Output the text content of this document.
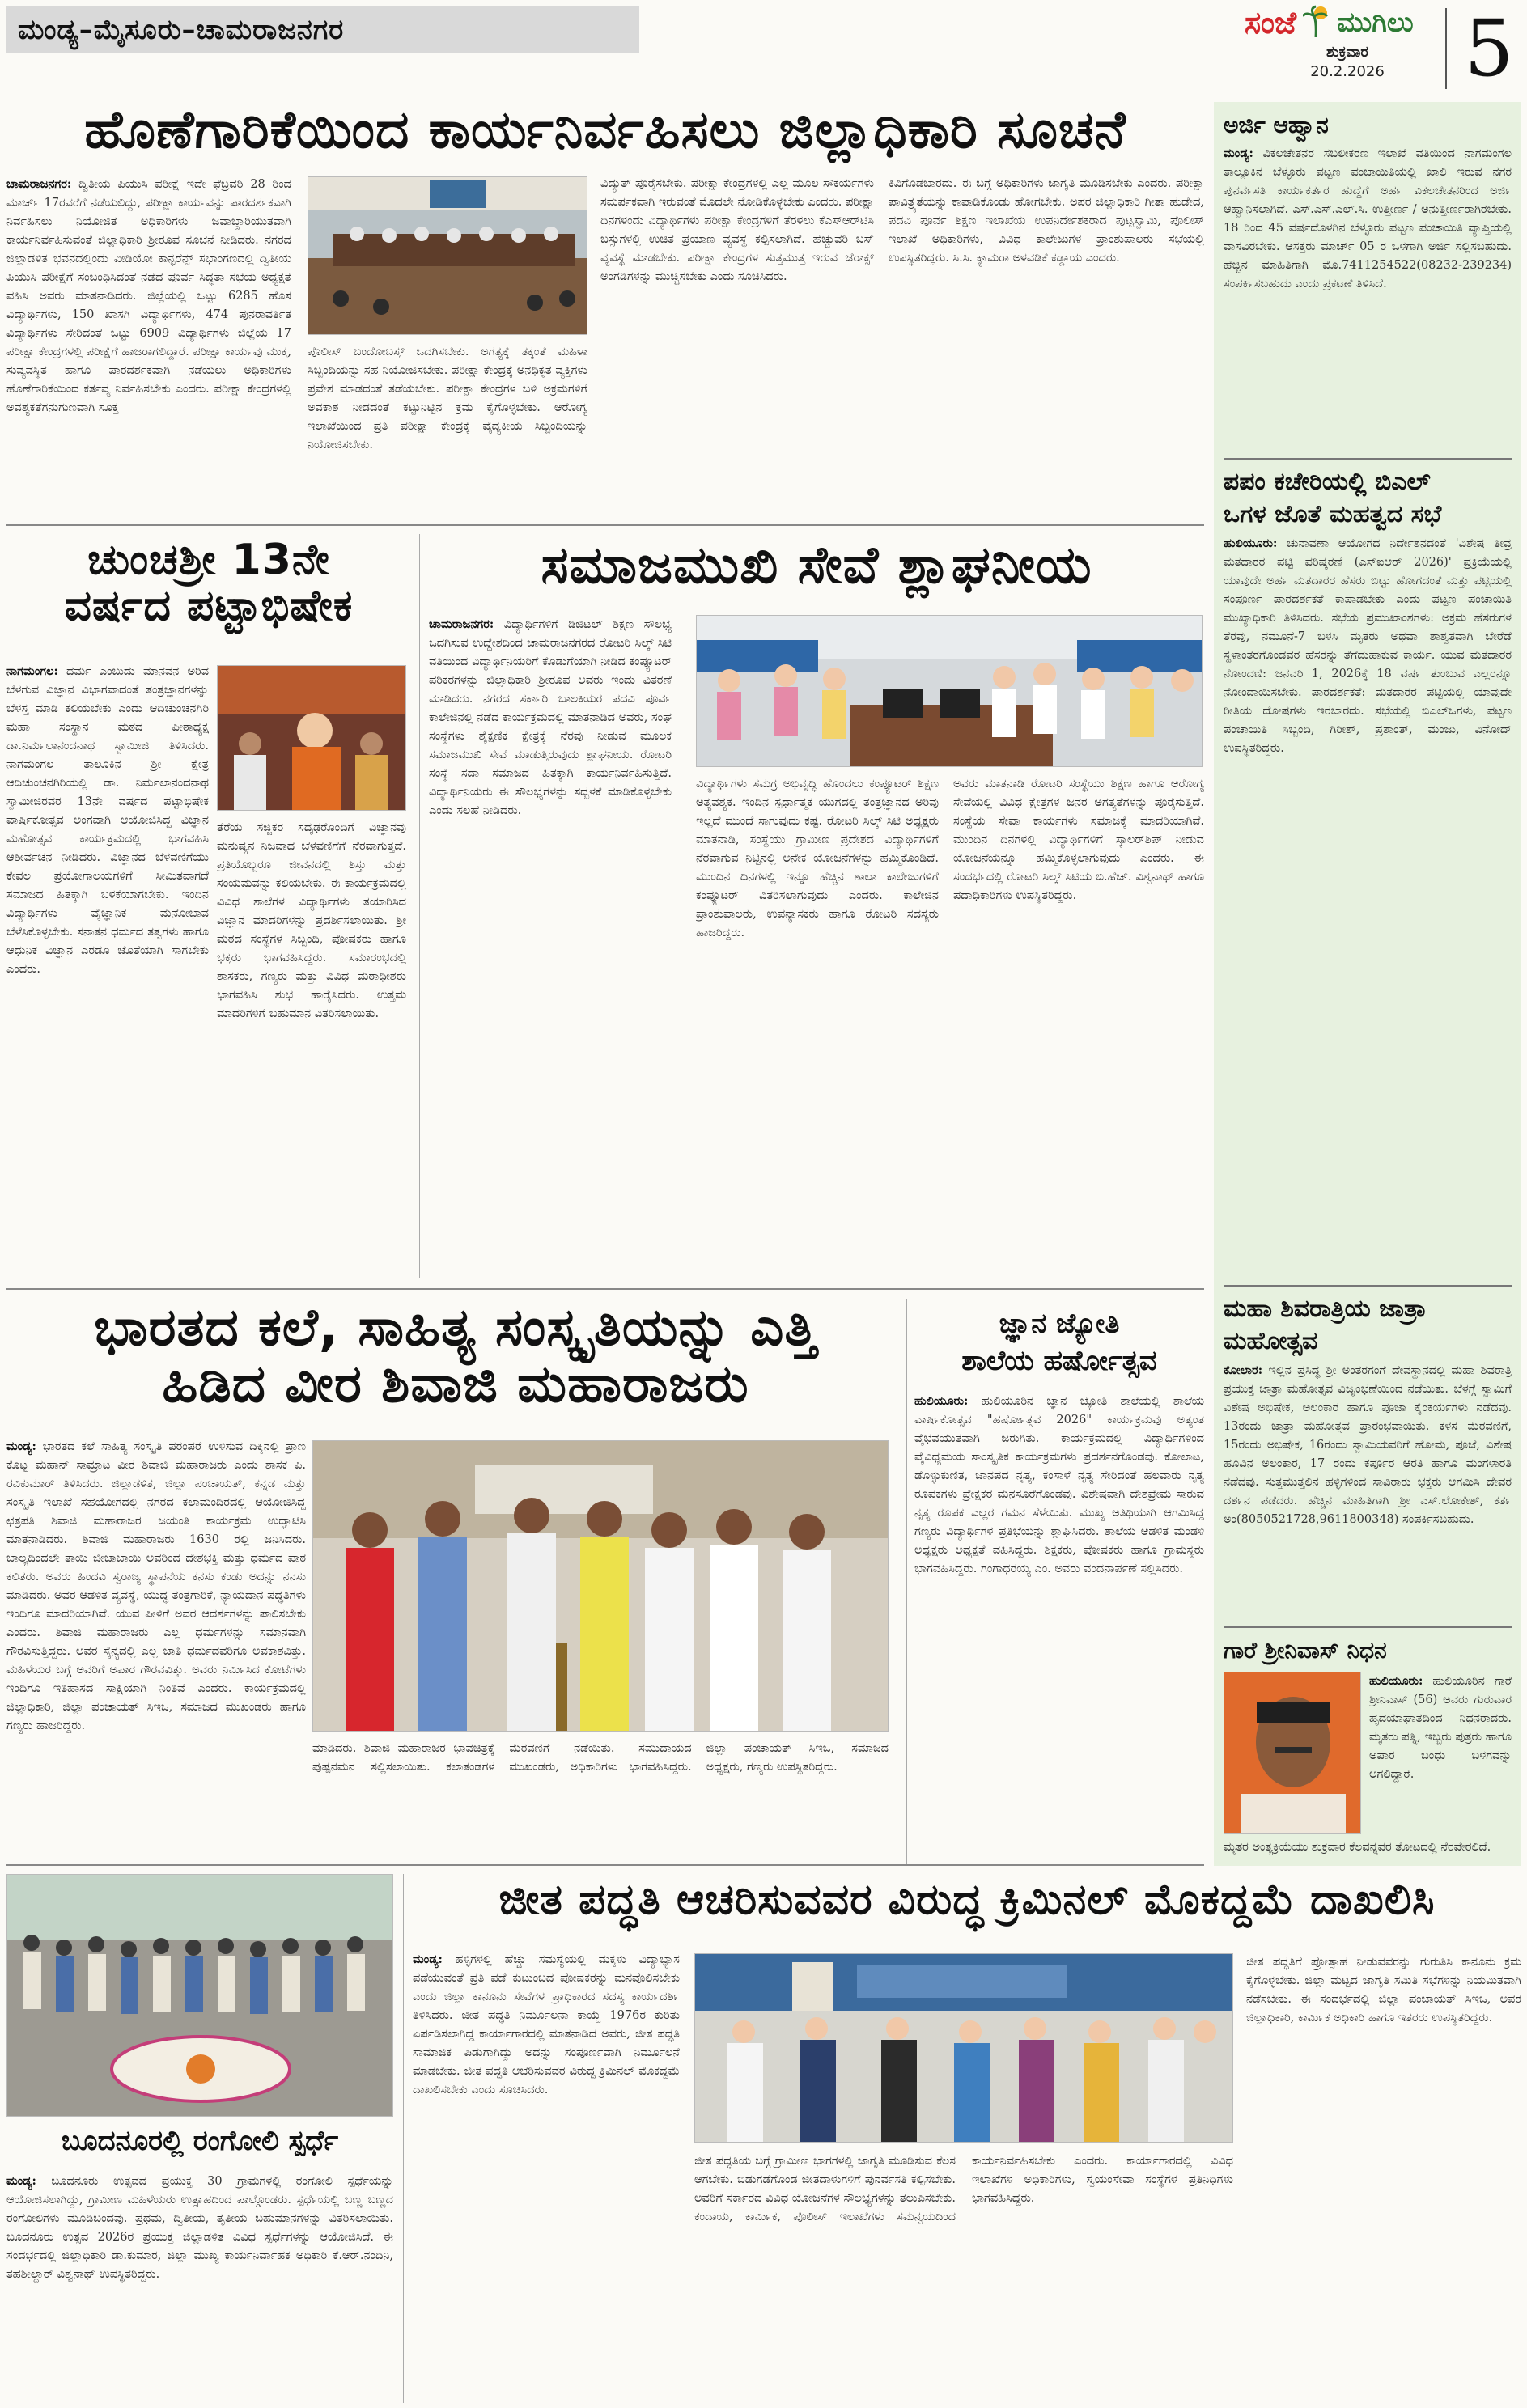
ಮಂಡ್ಯ–ಮೈಸೂರು–ಚಾಮರಾಜನಗರ	ಸಂಜೆ ಮುಗಿಲು
ಶುಕ್ರವಾರ
20.2.2026 5
ಹೊಣೆಗಾರಿಕೆಯಿಂದ ಕಾರ್ಯನಿರ್ವಹಿಸಲು ಜಿಲ್ಲಾಧಿಕಾರಿ ಸೂಚನೆ
ಚಾಮರಾಜನಗರ: ದ್ವಿತೀಯ ಪಿಯುಸಿ ಪರೀಕ್ಷೆ ಇದೇ ಫೆಬ್ರವರಿ 28 ರಿಂದ ಮಾರ್ಚ್ 17ರವರೆಗೆ ನಡೆಯಲಿದ್ದು, ಪರೀಕ್ಷಾ ಕಾರ್ಯವನ್ನು ಪಾರದರ್ಶಕವಾಗಿ ನಿರ್ವಹಿಸಲು ನಿಯೋಜಿತ ಅಧಿಕಾರಿಗಳು ಜವಾಬ್ದಾರಿಯುತವಾಗಿ ಕಾರ್ಯನಿರ್ವಹಿಸುವಂತೆ ಜಿಲ್ಲಾಧಿಕಾರಿ ಶ್ರೀರೂಪ ಸೂಚನೆ ನೀಡಿದರು. ನಗರದ ಜಿಲ್ಲಾಡಳಿತ ಭವನದಲ್ಲಿಂದು ವೀಡಿಯೋ ಕಾನ್ಫರೆನ್ಸ್ ಸಭಾಂಗಣದಲ್ಲಿ ದ್ವಿತೀಯ ಪಿಯುಸಿ ಪರೀಕ್ಷೆಗೆ ಸಂಬಂಧಿಸಿದಂತೆ ನಡೆದ ಪೂರ್ವ ಸಿದ್ಧತಾ ಸಭೆಯ ಅಧ್ಯಕ್ಷತೆ ವಹಿಸಿ ಅವರು ಮಾತನಾಡಿದರು. ಜಿಲ್ಲೆಯಲ್ಲಿ ಒಟ್ಟು 6285 ಹೊಸ ವಿದ್ಯಾರ್ಥಿಗಳು, 150 ಖಾಸಗಿ ವಿದ್ಯಾರ್ಥಿಗಳು, 474 ಪುನರಾವರ್ತಿತ ವಿದ್ಯಾರ್ಥಿಗಳು ಸೇರಿದಂತೆ ಒಟ್ಟು 6909 ವಿದ್ಯಾರ್ಥಿಗಳು ಜಿಲ್ಲೆಯ 17 ಪರೀಕ್ಷಾ ಕೇಂದ್ರಗಳಲ್ಲಿ ಪರೀಕ್ಷೆಗೆ ಹಾಜರಾಗಲಿದ್ದಾರೆ. ಪರೀಕ್ಷಾ ಕಾರ್ಯವು ಮುಕ್ತ, ಸುವ್ಯವಸ್ಥಿತ ಹಾಗೂ ಪಾರದರ್ಶಕವಾಗಿ ನಡೆಯಲು ಅಧಿಕಾರಿಗಳು ಹೊಣೆಗಾರಿಕೆಯಿಂದ ಕರ್ತವ್ಯ ನಿರ್ವಹಿಸಬೇಕು ಎಂದರು. ಪರೀಕ್ಷಾ ಕೇಂದ್ರಗಳಲ್ಲಿ ಅವಶ್ಯಕತೆಗನುಗುಣವಾಗಿ ಸೂಕ್ತ
ಪೊಲೀಸ್ ಬಂದೋಬಸ್ತ್ ಒದಗಿಸಬೇಕು. ಅಗತ್ಯಕ್ಕೆ ತಕ್ಕಂತೆ ಮಹಿಳಾ ಸಿಬ್ಬಂದಿಯನ್ನು ಸಹ ನಿಯೋಜಿಸಬೇಕು. ಪರೀಕ್ಷಾ ಕೇಂದ್ರಕ್ಕೆ ಅನಧಿಕೃತ ವ್ಯಕ್ತಿಗಳು ಪ್ರವೇಶ ಮಾಡದಂತೆ ತಡೆಯಬೇಕು. ಪರೀಕ್ಷಾ ಕೇಂದ್ರಗಳ ಬಳಿ ಅಕ್ರಮಗಳಿಗೆ ಅವಕಾಶ ನೀಡದಂತೆ ಕಟ್ಟುನಿಟ್ಟಿನ ಕ್ರಮ ಕೈಗೊಳ್ಳಬೇಕು. ಆರೋಗ್ಯ ಇಲಾಖೆಯಿಂದ ಪ್ರತಿ ಪರೀಕ್ಷಾ ಕೇಂದ್ರಕ್ಕೆ ವೈದ್ಯಕೀಯ ಸಿಬ್ಬಂದಿಯನ್ನು ನಿಯೋಜಿಸಬೇಕು.
ವಿದ್ಯುತ್ ಪೂರೈಸಬೇಕು. ಪರೀಕ್ಷಾ ಕೇಂದ್ರಗಳಲ್ಲಿ ಎಲ್ಲ ಮೂಲ ಸೌಕರ್ಯಗಳು ಸಮರ್ಪಕವಾಗಿ ಇರುವಂತೆ ಮೊದಲೇ ನೋಡಿಕೊಳ್ಳಬೇಕು ಎಂದರು. ಪರೀಕ್ಷಾ ದಿನಗಳಂದು ವಿದ್ಯಾರ್ಥಿಗಳು ಪರೀಕ್ಷಾ ಕೇಂದ್ರಗಳಿಗೆ ತೆರಳಲು ಕೆಎಸ್‌ಆರ್‌ಟಿಸಿ ಬಸ್ಸುಗಳಲ್ಲಿ ಉಚಿತ ಪ್ರಯಾಣ ವ್ಯವಸ್ಥೆ ಕಲ್ಪಿಸಲಾಗಿದೆ. ಹೆಚ್ಚುವರಿ ಬಸ್ ವ್ಯವಸ್ಥೆ ಮಾಡಬೇಕು. ಪರೀಕ್ಷಾ ಕೇಂದ್ರಗಳ ಸುತ್ತಮುತ್ತ ಇರುವ ಜೆರಾಕ್ಸ್ ಅಂಗಡಿಗಳನ್ನು ಮುಚ್ಚಿಸಬೇಕು ಎಂದು ಸೂಚಿಸಿದರು.
ಕಿವಿಗೊಡಬಾರದು. ಈ ಬಗ್ಗೆ ಅಧಿಕಾರಿಗಳು ಜಾಗೃತಿ ಮೂಡಿಸಬೇಕು ಎಂದರು. ಪರೀಕ್ಷಾ ಪಾವಿತ್ರ್ಯತೆಯನ್ನು ಕಾಪಾಡಿಕೊಂಡು ಹೋಗಬೇಕು. ಅಪರ ಜಿಲ್ಲಾಧಿಕಾರಿ ಗೀತಾ ಹುಡೇದ, ಪದವಿ ಪೂರ್ವ ಶಿಕ್ಷಣ ಇಲಾಖೆಯ ಉಪನಿರ್ದೇಶಕರಾದ ಪುಟ್ಟಸ್ವಾಮಿ, ಪೊಲೀಸ್ ಇಲಾಖೆ ಅಧಿಕಾರಿಗಳು, ವಿವಿಧ ಕಾಲೇಜುಗಳ ಪ್ರಾಂಶುಪಾಲರು ಸಭೆಯಲ್ಲಿ ಉಪಸ್ಥಿತರಿದ್ದರು. ಸಿ.ಸಿ. ಕ್ಯಾಮರಾ ಅಳವಡಿಕೆ ಕಡ್ಡಾಯ ಎಂದರು.
ಚುಂಚಶ್ರೀ 13ನೇ
ವರ್ಷದ ಪಟ್ಟಾಭಿಷೇಕ
ನಾಗಮಂಗಲ: ಧರ್ಮ ಎಂಬುದು ಮಾನವನ ಅರಿವ ಬೆಳಗುವ ವಿಜ್ಞಾನ ವಿಭಾಗವಾದಂತೆ ತಂತ್ರಜ್ಞಾನಗಳನ್ನು ಬೆಳಸ್ತ ಮಾಡಿ ಕಲಿಯಬೇಕು ಎಂದು ಆದಿಚುಂಚನಗಿರಿ ಮಹಾ ಸಂಸ್ಥಾನ ಮಠದ ಪೀಠಾಧ್ಯಕ್ಷ ಡಾ.ನಿರ್ಮಲಾನಂದನಾಥ ಸ್ವಾಮೀಜಿ ತಿಳಿಸಿದರು. ನಾಗಮಂಗಲ ತಾಲೂಕಿನ ಶ್ರೀ ಕ್ಷೇತ್ರ ಆದಿಚುಂಚನಗಿರಿಯಲ್ಲಿ ಡಾ. ನಿರ್ಮಲಾನಂದನಾಥ ಸ್ವಾಮೀಜಿರವರ 13ನೇ ವರ್ಷದ ಪಟ್ಟಾಭಿಷೇಕ ವಾರ್ಷಿಕೋತ್ಸವ ಅಂಗವಾಗಿ ಆಯೋಜಿಸಿದ್ದ ವಿಜ್ಞಾನ ಮಹೋತ್ಸವ ಕಾರ್ಯಕ್ರಮದಲ್ಲಿ ಭಾಗವಹಿಸಿ ಆಶೀರ್ವಚನ ನೀಡಿದರು. ವಿಜ್ಞಾನದ ಬೆಳವಣಿಗೆಯು ಕೇವಲ ಪ್ರಯೋಗಾಲಯಗಳಿಗೆ ಸೀಮಿತವಾಗದೆ ಸಮಾಜದ ಹಿತಕ್ಕಾಗಿ ಬಳಕೆಯಾಗಬೇಕು. ಇಂದಿನ ವಿದ್ಯಾರ್ಥಿಗಳು ವೈಜ್ಞಾನಿಕ ಮನೋಭಾವ ಬೆಳೆಸಿಕೊಳ್ಳಬೇಕು. ಸನಾತನ ಧರ್ಮದ ತತ್ವಗಳು ಹಾಗೂ ಆಧುನಿಕ ವಿಜ್ಞಾನ ಎರಡೂ ಜೊತೆಯಾಗಿ ಸಾಗಬೇಕು ಎಂದರು.
ತೆರೆಯ ಸಜ್ಜಿಕರ ಸದೃಢರೊಂದಿಗೆ ವಿಜ್ಞಾನವು ಮನುಷ್ಯನ ನಿಜವಾದ ಬೆಳವಣಿಗೆಗೆ ನೆರವಾಗುತ್ತದೆ. ಪ್ರತಿಯೊಬ್ಬರೂ ಜೀವನದಲ್ಲಿ ಶಿಸ್ತು ಮತ್ತು ಸಂಯಮವನ್ನು ಕಲಿಯಬೇಕು. ಈ ಕಾರ್ಯಕ್ರಮದಲ್ಲಿ ವಿವಿಧ ಶಾಲೆಗಳ ವಿದ್ಯಾರ್ಥಿಗಳು ತಯಾರಿಸಿದ ವಿಜ್ಞಾನ ಮಾದರಿಗಳನ್ನು ಪ್ರದರ್ಶಿಸಲಾಯಿತು. ಶ್ರೀ ಮಠದ ಸಂಸ್ಥೆಗಳ ಸಿಬ್ಬಂದಿ, ಪೋಷಕರು ಹಾಗೂ ಭಕ್ತರು ಭಾಗವಹಿಸಿದ್ದರು. ಸಮಾರಂಭದಲ್ಲಿ ಶಾಸಕರು, ಗಣ್ಯರು ಮತ್ತು ವಿವಿಧ ಮಠಾಧೀಶರು ಭಾಗವಹಿಸಿ ಶುಭ ಹಾರೈಸಿದರು. ಉತ್ತಮ ಮಾದರಿಗಳಿಗೆ ಬಹುಮಾನ ವಿತರಿಸಲಾಯಿತು.
ಸಮಾಜಮುಖಿ ಸೇವೆ ಶ್ಲಾಘನೀಯ
ಚಾಮರಾಜನಗರ: ವಿದ್ಯಾರ್ಥಿಗಳಿಗೆ ಡಿಜಿಟಲ್ ಶಿಕ್ಷಣ ಸೌಲಭ್ಯ ಒದಗಿಸುವ ಉದ್ದೇಶದಿಂದ ಚಾಮರಾಜನಗರದ ರೋಟರಿ ಸಿಲ್ಕ್ ಸಿಟಿ ವತಿಯಿಂದ ವಿದ್ಯಾರ್ಥಿನಿಯರಿಗೆ ಕೊಡುಗೆಯಾಗಿ ನೀಡಿದ ಕಂಪ್ಯೂಟರ್ ಪರಿಕರಗಳನ್ನು ಜಿಲ್ಲಾಧಿಕಾರಿ ಶ್ರೀರೂಪ ಅವರು ಇಂದು ವಿತರಣೆ ಮಾಡಿದರು. ನಗರದ ಸರ್ಕಾರಿ ಬಾಲಕಿಯರ ಪದವಿ ಪೂರ್ವ ಕಾಲೇಜಿನಲ್ಲಿ ನಡೆದ ಕಾರ್ಯಕ್ರಮದಲ್ಲಿ ಮಾತನಾಡಿದ ಅವರು, ಸಂಘ ಸಂಸ್ಥೆಗಳು ಶೈಕ್ಷಣಿಕ ಕ್ಷೇತ್ರಕ್ಕೆ ನೆರವು ನೀಡುವ ಮೂಲಕ ಸಮಾಜಮುಖಿ ಸೇವೆ ಮಾಡುತ್ತಿರುವುದು ಶ್ಲಾಘನೀಯ. ರೋಟರಿ ಸಂಸ್ಥೆ ಸದಾ ಸಮಾಜದ ಹಿತಕ್ಕಾಗಿ ಕಾರ್ಯನಿರ್ವಹಿಸುತ್ತಿದೆ. ವಿದ್ಯಾರ್ಥಿನಿಯರು ಈ ಸೌಲಭ್ಯಗಳನ್ನು ಸದ್ಬಳಕೆ ಮಾಡಿಕೊಳ್ಳಬೇಕು ಎಂದು ಸಲಹೆ ನೀಡಿದರು.
ವಿದ್ಯಾರ್ಥಿಗಳು ಸಮಗ್ರ ಅಭಿವೃದ್ಧಿ ಹೊಂದಲು ಕಂಪ್ಯೂಟರ್ ಶಿಕ್ಷಣ ಅತ್ಯವಶ್ಯಕ. ಇಂದಿನ ಸ್ಪರ್ಧಾತ್ಮಕ ಯುಗದಲ್ಲಿ ತಂತ್ರಜ್ಞಾನದ ಅರಿವು ಇಲ್ಲದೆ ಮುಂದೆ ಸಾಗುವುದು ಕಷ್ಟ. ರೋಟರಿ ಸಿಲ್ಕ್ ಸಿಟಿ ಅಧ್ಯಕ್ಷರು ಮಾತನಾಡಿ, ಸಂಸ್ಥೆಯು ಗ್ರಾಮೀಣ ಪ್ರದೇಶದ ವಿದ್ಯಾರ್ಥಿಗಳಿಗೆ ನೆರವಾಗುವ ನಿಟ್ಟಿನಲ್ಲಿ ಅನೇಕ ಯೋಜನೆಗಳನ್ನು ಹಮ್ಮಿಕೊಂಡಿದೆ. ಮುಂದಿನ ದಿನಗಳಲ್ಲಿ ಇನ್ನೂ ಹೆಚ್ಚಿನ ಶಾಲಾ ಕಾಲೇಜುಗಳಿಗೆ ಕಂಪ್ಯೂಟರ್ ವಿತರಿಸಲಾಗುವುದು ಎಂದರು. ಕಾಲೇಜಿನ ಪ್ರಾಂಶುಪಾಲರು, ಉಪನ್ಯಾಸಕರು ಹಾಗೂ ರೋಟರಿ ಸದಸ್ಯರು ಹಾಜರಿದ್ದರು.
ಅವರು ಮಾತನಾಡಿ ರೋಟರಿ ಸಂಸ್ಥೆಯು ಶಿಕ್ಷಣ ಹಾಗೂ ಆರೋಗ್ಯ ಸೇವೆಯಲ್ಲಿ ವಿವಿಧ ಕ್ಷೇತ್ರಗಳ ಜನರ ಅಗತ್ಯತೆಗಳನ್ನು ಪೂರೈಸುತ್ತಿದೆ. ಸಂಸ್ಥೆಯ ಸೇವಾ ಕಾರ್ಯಗಳು ಸಮಾಜಕ್ಕೆ ಮಾದರಿಯಾಗಿವೆ. ಮುಂದಿನ ದಿನಗಳಲ್ಲಿ ವಿದ್ಯಾರ್ಥಿಗಳಿಗೆ ಸ್ಕಾಲರ್‌ಶಿಪ್ ನೀಡುವ ಯೋಜನೆಯನ್ನೂ ಹಮ್ಮಿಕೊಳ್ಳಲಾಗುವುದು ಎಂದರು. ಈ ಸಂದರ್ಭದಲ್ಲಿ ರೋಟರಿ ಸಿಲ್ಕ್ ಸಿಟಿಯ ಬಿ.ಹೆಚ್. ವಿಶ್ವನಾಥ್ ಹಾಗೂ ಪದಾಧಿಕಾರಿಗಳು ಉಪಸ್ಥಿತರಿದ್ದರು.
ಭಾರತದ ಕಲೆ, ಸಾಹಿತ್ಯ ಸಂಸ್ಕೃತಿಯನ್ನು ಎತ್ತಿ
ಹಿಡಿದ ವೀರ ಶಿವಾಜಿ ಮಹಾರಾಜರು
ಮಂಡ್ಯ: ಭಾರತದ ಕಲೆ ಸಾಹಿತ್ಯ ಸಂಸ್ಕೃತಿ ಪರಂಪರೆ ಉಳಿಸುವ ದಿಕ್ಕಿನಲ್ಲಿ ಪ್ರಾಣ ಕೊಟ್ಟ ಮಹಾನ್ ಸಾಮ್ರಾಟ ವೀರ ಶಿವಾಜಿ ಮಹಾರಾಜರು ಎಂದು ಶಾಸಕ ಪಿ. ರವಿಕುಮಾರ್ ತಿಳಿಸಿದರು. ಜಿಲ್ಲಾಡಳಿತ, ಜಿಲ್ಲಾ ಪಂಚಾಯತ್, ಕನ್ನಡ ಮತ್ತು ಸಂಸ್ಕೃತಿ ಇಲಾಖೆ ಸಹಯೋಗದಲ್ಲಿ ನಗರದ ಕಲಾಮಂದಿರದಲ್ಲಿ ಆಯೋಜಿಸಿದ್ದ ಛತ್ರಪತಿ ಶಿವಾಜಿ ಮಹಾರಾಜರ ಜಯಂತಿ ಕಾರ್ಯಕ್ರಮ ಉದ್ಘಾಟಿಸಿ ಮಾತನಾಡಿದರು. ಶಿವಾಜಿ ಮಹಾರಾಜರು 1630 ರಲ್ಲಿ ಜನಿಸಿದರು. ಬಾಲ್ಯದಿಂದಲೇ ತಾಯಿ ಜೀಜಾಬಾಯಿ ಅವರಿಂದ ದೇಶಭಕ್ತಿ ಮತ್ತು ಧರ್ಮದ ಪಾಠ ಕಲಿತರು. ಅವರು ಹಿಂದವಿ ಸ್ವರಾಜ್ಯ ಸ್ಥಾಪನೆಯ ಕನಸು ಕಂಡು ಅದನ್ನು ನನಸು ಮಾಡಿದರು. ಅವರ ಆಡಳಿತ ವ್ಯವಸ್ಥೆ, ಯುದ್ಧ ತಂತ್ರಗಾರಿಕೆ, ನ್ಯಾಯದಾನ ಪದ್ಧತಿಗಳು ಇಂದಿಗೂ ಮಾದರಿಯಾಗಿವೆ. ಯುವ ಪೀಳಿಗೆ ಅವರ ಆದರ್ಶಗಳನ್ನು ಪಾಲಿಸಬೇಕು ಎಂದರು. ಶಿವಾಜಿ ಮಹಾರಾಜರು ಎಲ್ಲ ಧರ್ಮಗಳನ್ನು ಸಮಾನವಾಗಿ ಗೌರವಿಸುತ್ತಿದ್ದರು. ಅವರ ಸೈನ್ಯದಲ್ಲಿ ಎಲ್ಲ ಜಾತಿ ಧರ್ಮದವರಿಗೂ ಅವಕಾಶವಿತ್ತು. ಮಹಿಳೆಯರ ಬಗ್ಗೆ ಅವರಿಗೆ ಅಪಾರ ಗೌರವವಿತ್ತು. ಅವರು ನಿರ್ಮಿಸಿದ ಕೋಟೆಗಳು ಇಂದಿಗೂ ಇತಿಹಾಸದ ಸಾಕ್ಷಿಯಾಗಿ ನಿಂತಿವೆ ಎಂದರು. ಕಾರ್ಯಕ್ರಮದಲ್ಲಿ ಜಿಲ್ಲಾಧಿಕಾರಿ, ಜಿಲ್ಲಾ ಪಂಚಾಯತ್ ಸಿಇಒ, ಸಮಾಜದ ಮುಖಂಡರು ಹಾಗೂ ಗಣ್ಯರು ಹಾಜರಿದ್ದರು.
ಮಾಡಿದರು. ಶಿವಾಜಿ ಮಹಾರಾಜರ ಭಾವಚಿತ್ರಕ್ಕೆ ಪುಷ್ಪನಮನ ಸಲ್ಲಿಸಲಾಯಿತು. ಕಲಾತಂಡಗಳ ಮೆರವಣಿಗೆ ನಡೆಯಿತು. ಸಮುದಾಯದ ಮುಖಂಡರು, ಅಧಿಕಾರಿಗಳು ಭಾಗವಹಿಸಿದ್ದರು. ಜಿಲ್ಲಾ ಪಂಚಾಯತ್ ಸಿಇಒ, ಸಮಾಜದ ಅಧ್ಯಕ್ಷರು, ಗಣ್ಯರು ಉಪಸ್ಥಿತರಿದ್ದರು.
ಜ್ಞಾನ ಜ್ಯೋತಿ
ಶಾಲೆಯ ಹರ್ಷೋತ್ಸವ
ಹುಲಿಯೂರು: ಹುಲಿಯೂರಿನ ಜ್ಞಾನ ಜ್ಯೋತಿ ಶಾಲೆಯಲ್ಲಿ ಶಾಲೆಯ ವಾರ್ಷಿಕೋತ್ಸವ "ಹರ್ಷೋತ್ಸವ 2026" ಕಾರ್ಯಕ್ರಮವು ಅತ್ಯಂತ ವೈಭವಯುತವಾಗಿ ಜರುಗಿತು. ಕಾರ್ಯಕ್ರಮದಲ್ಲಿ ವಿದ್ಯಾರ್ಥಿಗಳಿಂದ ವೈವಿಧ್ಯಮಯ ಸಾಂಸ್ಕೃತಿಕ ಕಾರ್ಯಕ್ರಮಗಳು ಪ್ರದರ್ಶನಗೊಂಡವು. ಕೋಲಾಟ, ಡೊಳ್ಳುಕುಣಿತ, ಜಾನಪದ ನೃತ್ಯ, ಕಂಸಾಳೆ ನೃತ್ಯ ಸೇರಿದಂತೆ ಹಲವಾರು ನೃತ್ಯ ರೂಪಕಗಳು ಪ್ರೇಕ್ಷಕರ ಮನಸೂರೆಗೊಂಡವು. ವಿಶೇಷವಾಗಿ ದೇಶಪ್ರೇಮ ಸಾರುವ ನೃತ್ಯ ರೂಪಕ ಎಲ್ಲರ ಗಮನ ಸೆಳೆಯಿತು. ಮುಖ್ಯ ಅತಿಥಿಯಾಗಿ ಆಗಮಿಸಿದ್ದ ಗಣ್ಯರು ವಿದ್ಯಾರ್ಥಿಗಳ ಪ್ರತಿಭೆಯನ್ನು ಶ್ಲಾಘಿಸಿದರು. ಶಾಲೆಯ ಆಡಳಿತ ಮಂಡಳಿ ಅಧ್ಯಕ್ಷರು ಅಧ್ಯಕ್ಷತೆ ವಹಿಸಿದ್ದರು. ಶಿಕ್ಷಕರು, ಪೋಷಕರು ಹಾಗೂ ಗ್ರಾಮಸ್ಥರು ಭಾಗವಹಿಸಿದ್ದರು. ಗಂಗಾಧರಯ್ಯ ಎಂ. ಅವರು ವಂದನಾರ್ಪಣೆ ಸಲ್ಲಿಸಿದರು.
ಬೂದನೂರಲ್ಲಿ ರಂಗೋಲಿ ಸ್ಪರ್ಧೆ
ಮಂಡ್ಯ: ಬೂದನೂರು ಉತ್ಸವದ ಪ್ರಯುಕ್ತ 30 ಗ್ರಾಮಗಳಲ್ಲಿ ರಂಗೋಲಿ ಸ್ಪರ್ಧೆಯನ್ನು ಆಯೋಜಿಸಲಾಗಿದ್ದು, ಗ್ರಾಮೀಣ ಮಹಿಳೆಯರು ಉತ್ಸಾಹದಿಂದ ಪಾಲ್ಗೊಂಡರು. ಸ್ಪರ್ಧೆಯಲ್ಲಿ ಬಣ್ಣ ಬಣ್ಣದ ರಂಗೋಲಿಗಳು ಮೂಡಿಬಂದವು. ಪ್ರಥಮ, ದ್ವಿತೀಯ, ತೃತೀಯ ಬಹುಮಾನಗಳನ್ನು ವಿತರಿಸಲಾಯಿತು. ಬೂದನೂರು ಉತ್ಸವ 2026ರ ಪ್ರಯುಕ್ತ ಜಿಲ್ಲಾಡಳಿತ ವಿವಿಧ ಸ್ಪರ್ಧೆಗಳನ್ನು ಆಯೋಜಿಸಿದೆ. ಈ ಸಂದರ್ಭದಲ್ಲಿ ಜಿಲ್ಲಾಧಿಕಾರಿ ಡಾ.ಕುಮಾರ, ಜಿಲ್ಲಾ ಮುಖ್ಯ ಕಾರ್ಯನಿರ್ವಾಹಕ ಅಧಿಕಾರಿ ಕೆ.ಆರ್.ನಂದಿನಿ, ತಹಶೀಲ್ದಾರ್ ವಿಶ್ವನಾಥ್ ಉಪಸ್ಥಿತರಿದ್ದರು.
ಜೀತ ಪದ್ಧತಿ ಆಚರಿಸುವವರ ವಿರುದ್ಧ ಕ್ರಿಮಿನಲ್ ಮೊಕದ್ದಮೆ ದಾಖಲಿಸಿ
ಮಂಡ್ಯ: ಹಳ್ಳಿಗಳಲ್ಲಿ ಹೆಚ್ಚು ಸಮಸ್ಯೆಯಲ್ಲಿ ಮಕ್ಕಳು ವಿದ್ಯಾಭ್ಯಾಸ ಪಡೆಯುವಂತೆ ಪ್ರತಿ ಪಡೆ ಕುಟುಂಬದ ಪೋಷಕರನ್ನು ಮನವೊಲಿಸಬೇಕು ಎಂದು ಜಿಲ್ಲಾ ಕಾನೂನು ಸೇವೆಗಳ ಪ್ರಾಧಿಕಾರದ ಸದಸ್ಯ ಕಾರ್ಯದರ್ಶಿ ತಿಳಿಸಿದರು. ಜೀತ ಪದ್ಧತಿ ನಿರ್ಮೂಲನಾ ಕಾಯ್ದೆ 1976ರ ಕುರಿತು ಏರ್ಪಡಿಸಲಾಗಿದ್ದ ಕಾರ್ಯಾಗಾರದಲ್ಲಿ ಮಾತನಾಡಿದ ಅವರು, ಜೀತ ಪದ್ಧತಿ ಸಾಮಾಜಿಕ ಪಿಡುಗಾಗಿದ್ದು ಅದನ್ನು ಸಂಪೂರ್ಣವಾಗಿ ನಿರ್ಮೂಲನೆ ಮಾಡಬೇಕು. ಜೀತ ಪದ್ಧತಿ ಆಚರಿಸುವವರ ವಿರುದ್ಧ ಕ್ರಿಮಿನಲ್ ಮೊಕದ್ದಮೆ ದಾಖಲಿಸಬೇಕು ಎಂದು ಸೂಚಿಸಿದರು.
ಜೀತ ಪದ್ಧತಿಯ ಬಗ್ಗೆ ಗ್ರಾಮೀಣ ಭಾಗಗಳಲ್ಲಿ ಜಾಗೃತಿ ಮೂಡಿಸುವ ಕೆಲಸ ಆಗಬೇಕು. ಬಿಡುಗಡೆಗೊಂಡ ಜೀತದಾಳುಗಳಿಗೆ ಪುನರ್ವಸತಿ ಕಲ್ಪಿಸಬೇಕು. ಅವರಿಗೆ ಸರ್ಕಾರದ ವಿವಿಧ ಯೋಜನೆಗಳ ಸೌಲಭ್ಯಗಳನ್ನು ತಲುಪಿಸಬೇಕು. ಕಂದಾಯ, ಕಾರ್ಮಿಕ, ಪೊಲೀಸ್ ಇಲಾಖೆಗಳು ಸಮನ್ವಯದಿಂದ ಕಾರ್ಯನಿರ್ವಹಿಸಬೇಕು ಎಂದರು. ಕಾರ್ಯಾಗಾರದಲ್ಲಿ ವಿವಿಧ ಇಲಾಖೆಗಳ ಅಧಿಕಾರಿಗಳು, ಸ್ವಯಂಸೇವಾ ಸಂಸ್ಥೆಗಳ ಪ್ರತಿನಿಧಿಗಳು ಭಾಗವಹಿಸಿದ್ದರು.
ಜೀತ ಪದ್ಧತಿಗೆ ಪ್ರೋತ್ಸಾಹ ನೀಡುವವರನ್ನು ಗುರುತಿಸಿ ಕಾನೂನು ಕ್ರಮ ಕೈಗೊಳ್ಳಬೇಕು. ಜಿಲ್ಲಾ ಮಟ್ಟದ ಜಾಗೃತಿ ಸಮಿತಿ ಸಭೆಗಳನ್ನು ನಿಯಮಿತವಾಗಿ ನಡೆಸಬೇಕು. ಈ ಸಂದರ್ಭದಲ್ಲಿ ಜಿಲ್ಲಾ ಪಂಚಾಯತ್ ಸಿಇಒ, ಅಪರ ಜಿಲ್ಲಾಧಿಕಾರಿ, ಕಾರ್ಮಿಕ ಅಧಿಕಾರಿ ಹಾಗೂ ಇತರರು ಉಪಸ್ಥಿತರಿದ್ದರು.
ಅರ್ಜಿ ಆಹ್ವಾನ
ಮಂಡ್ಯ: ವಿಕಲಚೇತನರ ಸಬಲೀಕರಣ ಇಲಾಖೆ ವತಿಯಿಂದ ನಾಗಮಂಗಲ ತಾಲ್ಲೂಕಿನ ಬೆಳ್ಳೂರು ಪಟ್ಟಣ ಪಂಚಾಯಿತಿಯಲ್ಲಿ ಖಾಲಿ ಇರುವ ನಗರ ಪುನರ್ವಸತಿ ಕಾರ್ಯಕರ್ತರ ಹುದ್ದೆಗೆ ಅರ್ಹ ವಿಕಲಚೇತನರಿಂದ ಅರ್ಜಿ ಆಹ್ವಾನಿಸಲಾಗಿದೆ. ಎಸ್.ಎಸ್.ಎಲ್.ಸಿ. ಉತ್ತೀರ್ಣ / ಅನುತ್ತೀರ್ಣರಾಗಿರಬೇಕು. 18 ರಿಂದ 45 ವರ್ಷದೊಳಗಿನ ಬೆಳ್ಳೂರು ಪಟ್ಟಣ ಪಂಚಾಯಿತಿ ವ್ಯಾಪ್ತಿಯಲ್ಲಿ ವಾಸವಿರಬೇಕು. ಆಸಕ್ತರು ಮಾರ್ಚ್ 05 ರ ಒಳಗಾಗಿ ಅರ್ಜಿ ಸಲ್ಲಿಸಬಹುದು. ಹೆಚ್ಚಿನ ಮಾಹಿತಿಗಾಗಿ ಮೊ.7411254522(08232-239234) ಸಂಪರ್ಕಿಸಬಹುದು ಎಂದು ಪ್ರಕಟಣೆ ತಿಳಿಸಿದೆ.
ಪಪಂ ಕಚೇರಿಯಲ್ಲಿ ಬಿಎಲ್
ಒಗಳ ಜೊತೆ ಮಹತ್ವದ ಸಭೆ
ಹುಲಿಯೂರು: ಚುನಾವಣಾ ಆಯೋಗದ ನಿರ್ದೇಶನದಂತೆ 'ವಿಶೇಷ ತೀವ್ರ ಮತದಾರರ ಪಟ್ಟಿ ಪರಿಷ್ಕರಣೆ (ಎಸ್‌ಐಆರ್ 2026)' ಪ್ರಕ್ರಿಯೆಯಲ್ಲಿ ಯಾವುದೇ ಅರ್ಹ ಮತದಾರರ ಹೆಸರು ಬಿಟ್ಟು ಹೋಗದಂತೆ ಮತ್ತು ಪಟ್ಟಿಯಲ್ಲಿ ಸಂಪೂರ್ಣ ಪಾರದರ್ಶಕತೆ ಕಾಪಾಡಬೇಕು ಎಂದು ಪಟ್ಟಣ ಪಂಚಾಯಿತಿ ಮುಖ್ಯಾಧಿಕಾರಿ ತಿಳಿಸಿದರು. ಸಭೆಯ ಪ್ರಮುಖಾಂಶಗಳು: ಅಕ್ರಮ ಹೆಸರುಗಳ ತೆರವು, ನಮೂನೆ-7 ಬಳಸಿ ಮೃತರು ಅಥವಾ ಶಾಶ್ವತವಾಗಿ ಬೇರೆಡೆ ಸ್ಥಳಾಂತರಗೊಂಡವರ ಹೆಸರನ್ನು ತೆಗೆದುಹಾಕುವ ಕಾರ್ಯ. ಯುವ ಮತದಾರರ ನೋಂದಣಿ: ಜನವರಿ 1, 2026ಕ್ಕೆ 18 ವರ್ಷ ತುಂಬುವ ಎಲ್ಲರನ್ನೂ ನೋಂದಾಯಿಸಬೇಕು. ಪಾರದರ್ಶಕತೆ: ಮತದಾರರ ಪಟ್ಟಿಯಲ್ಲಿ ಯಾವುದೇ ರೀತಿಯ ದೋಷಗಳು ಇರಬಾರದು. ಸಭೆಯಲ್ಲಿ ಬಿಎಲ್‌ಒಗಳು, ಪಟ್ಟಣ ಪಂಚಾಯಿತಿ ಸಿಬ್ಬಂದಿ, ಗಿರೀಶ್, ಪ್ರಶಾಂತ್, ಮಂಜು, ವಿನೋದ್ ಉಪಸ್ಥಿತರಿದ್ದರು.
ಮಹಾ ಶಿವರಾತ್ರಿಯ ಜಾತ್ರಾ
ಮಹೋತ್ಸವ
ಕೋಲಾರ: ಇಲ್ಲಿನ ಪ್ರಸಿದ್ಧ ಶ್ರೀ ಅಂತರಗಂಗೆ ದೇವಸ್ಥಾನದಲ್ಲಿ ಮಹಾ ಶಿವರಾತ್ರಿ ಪ್ರಯುಕ್ತ ಜಾತ್ರಾ ಮಹೋತ್ಸವ ವಿಜೃಂಭಣೆಯಿಂದ ನಡೆಯಿತು. ಬೆಳಗ್ಗೆ ಸ್ವಾಮಿಗೆ ವಿಶೇಷ ಅಭಿಷೇಕ, ಅಲಂಕಾರ ಹಾಗೂ ಪೂಜಾ ಕೈಂಕರ್ಯಗಳು ನಡೆದವು. 13ರಂದು ಜಾತ್ರಾ ಮಹೋತ್ಸವ ಪ್ರಾರಂಭವಾಯಿತು. ಕಳಸ ಮೆರವಣಿಗೆ, 15ರಂದು ಅಭಿಷೇಕ, 16ರಂದು ಸ್ವಾಮಿಯವರಿಗೆ ಹೋಮ, ಪೂಜೆ, ವಿಶೇಷ ಹೂವಿನ ಅಲಂಕಾರ, 17 ರಂದು ಕರ್ಪೂರ ಆರತಿ ಹಾಗೂ ಮಂಗಳಾರತಿ ನಡೆದವು. ಸುತ್ತಮುತ್ತಲಿನ ಹಳ್ಳಿಗಳಿಂದ ಸಾವಿರಾರು ಭಕ್ತರು ಆಗಮಿಸಿ ದೇವರ ದರ್ಶನ ಪಡೆದರು. ಹೆಚ್ಚಿನ ಮಾಹಿತಿಗಾಗಿ ಶ್ರೀ ಎಸ್.ಲೋಕೇಶ್, ಕರ್ತ ಅಂ(8050521728,9611800348) ಸಂಪರ್ಕಿಸಬಹುದು.
ಗಾರೆ ಶ್ರೀನಿವಾಸ್ ನಿಧನ
ಹುಲಿಯೂರು: ಹುಲಿಯೂರಿನ ಗಾರೆ ಶ್ರೀನಿವಾಸ್ (56) ಅವರು ಗುರುವಾರ ಹೃದಯಾಘಾತದಿಂದ ನಿಧನರಾದರು. ಮೃತರು ಪತ್ನಿ, ಇಬ್ಬರು ಪುತ್ರರು ಹಾಗೂ ಅಪಾರ ಬಂಧು ಬಳಗವನ್ನು ಅಗಲಿದ್ದಾರೆ.
ಮೃತರ ಅಂತ್ಯಕ್ರಿಯೆಯು ಶುಕ್ರವಾರ ಕೆಲವನ್ನವರ ತೋಟದಲ್ಲಿ ನೆರವೇರಲಿದೆ.
